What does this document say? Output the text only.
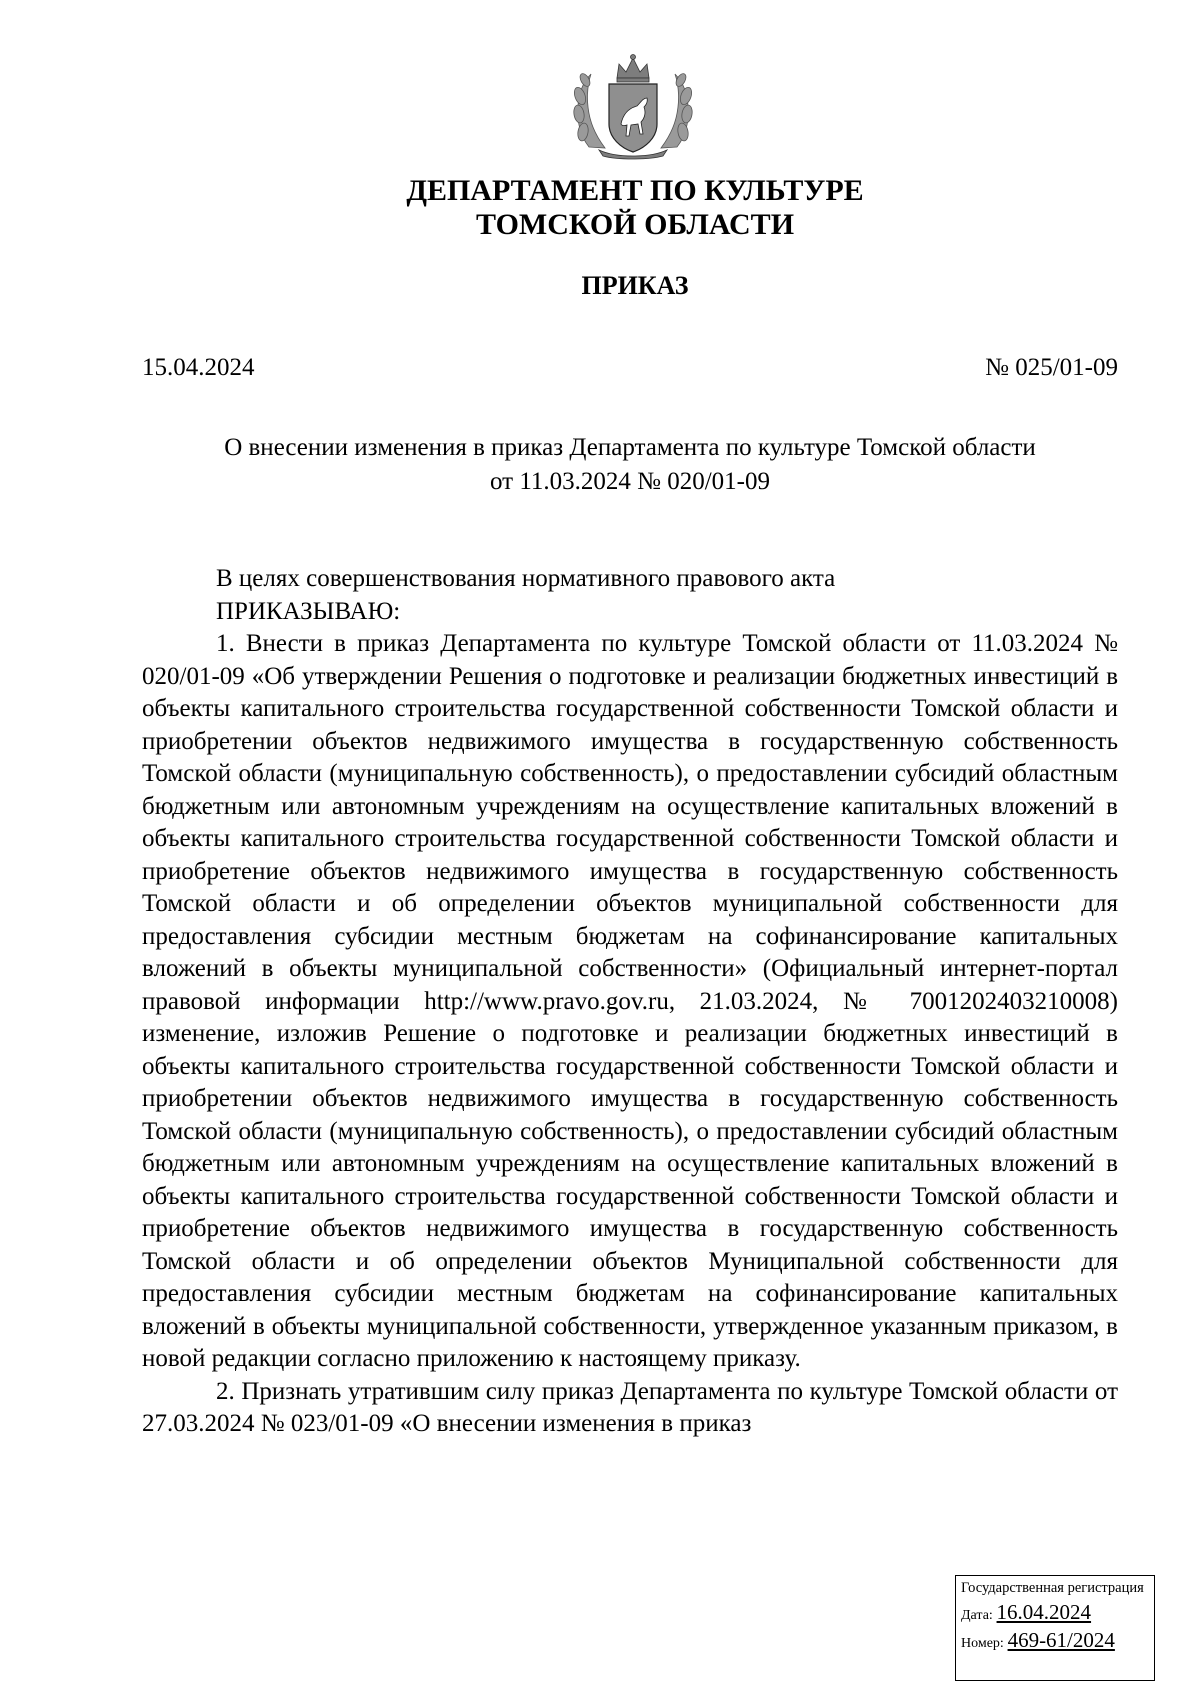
ДЕПАРТАМЕНТ ПО КУЛЬТУРЕ
ТОМСКОЙ ОБЛАСТИ
ПРИКАЗ
15.04.2024	№ 025/01-09
О внесении изменения в приказ Департамента по культуре Томской области
от 11.03.2024 № 020/01-09

В целях совершенствования нормативного правового акта

ПРИКАЗЫВАЮ:

1. Внести в приказ Департамента по культуре Томской области от 11.03.2024 № 020/01-09 «Об утверждении Решения о подготовке и реализации бюджетных инвестиций в объекты капитального строительства государственной собственности Томской области и приобретении объектов недвижимого имущества в государственную собственность Томской области (муниципальную собственность), о предоставлении субсидий областным бюджетным или автономным учреждениям на осуществление капитальных вложений в объекты капитального строительства государственной собственности Томской области и приобретение объектов недвижимого имущества в государственную собственность Томской области и об определении объектов муниципальной собственности для предоставления субсидии местным бюджетам на софинансирование капитальных вложений в объекты муниципальной собственности» (Официальный интернет-портал правовой информации http://www.pravo.gov.ru, 21.03.2024, № 7001202403210008) изменение, изложив Решение о подготовке и реализации бюджетных инвестиций в объекты капитального строительства государственной собственности Томской области и приобретении объектов недвижимого имущества в государственную собственность Томской области (муниципальную собственность), о предоставлении субсидий областным бюджетным или автономным учреждениям на осуществление капитальных вложений в объекты капитального строительства государственной собственности Томской области и приобретение объектов недвижимого имущества в государственную собственность Томской области и об определении объектов Муниципальной собственности для предоставления субсидии местным бюджетам на софинансирование капитальных вложений в объекты муниципальной собственности, утвержденное указанным приказом, в новой редакции согласно приложению к настоящему приказу.

2. Признать утратившим силу приказ Департамента по культуре Томской области от 27.03.2024 № 023/01-09 «О внесении изменения в приказ

Государственная регистрация
Дата: 16.04.2024
Номер: 469-61/2024
